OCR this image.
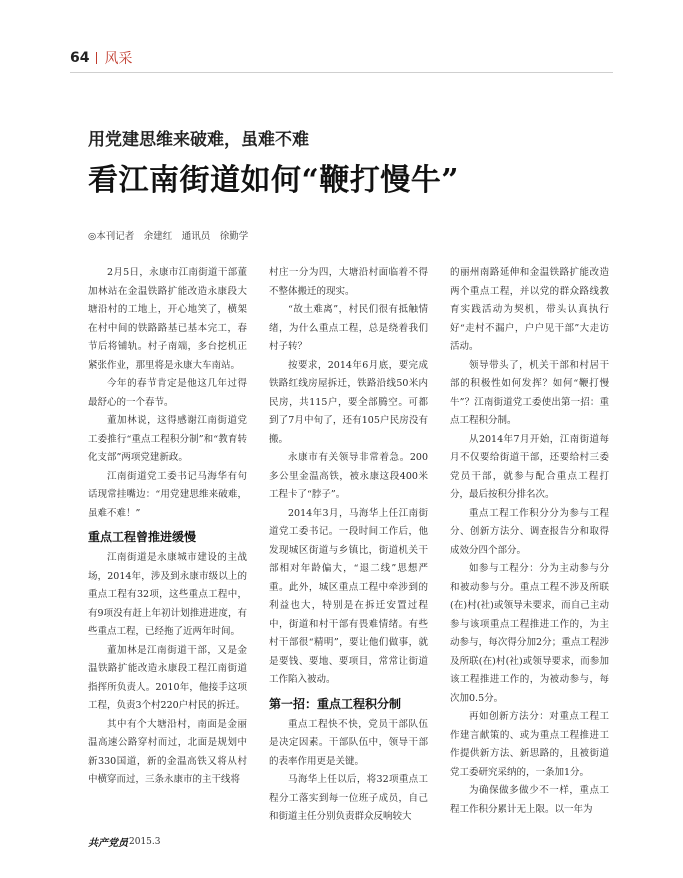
64 风采
用党建思维来破难，虽难不难
看江南街道如何“鞭打慢牛”
◎本刊记者　余建红　通讯员　徐勤学

2月5日，永康市江南街道干部董加林站在金温铁路扩能改造永康段大塘沿村的工地上，开心地笑了，横架在村中间的铁路路基已基本完工，春节后将铺轨。村子南端，多台挖机正紧张作业，那里将是永康大车南站。

今年的春节肯定是他这几年过得最舒心的一个春节。

董加林说，这得感谢江南街道党工委推行“重点工程积分制”和“教育转化支部”两项党建新政。

江南街道党工委书记马海华有句话现常挂嘴边：“用党建思维来破难，虽难不难！”

重点工程曾推进缓慢

江南街道是永康城市建设的主战场，2014年，涉及到永康市级以上的重点工程有32项，这些重点工程中，有9项没有赶上年初计划推进进度，有些重点工程，已经拖了近两年时间。

董加林是江南街道干部，又是金温铁路扩能改造永康段工程江南街道指挥所负责人。2010年，他接手这项工程，负责3个村220户村民的拆迁。

其中有个大塘沿村，南面是金丽温高速公路穿村而过，北面是规划中新330国道，新的金温高铁又将从村中横穿而过，三条永康市的主干线将

村庄一分为四，大塘沿村面临着不得不整体搬迁的现实。

“故土难离”，村民们很有抵触情绪，为什么重点工程，总是绕着我们村子转？

按要求，2014年6月底，要完成铁路红线房屋拆迁，铁路沿线50米内民房，共115户，要全部腾空。可都到了7月中旬了，还有105户民房没有搬。

永康市有关领导非常着急。200多公里金温高铁，被永康这段400米工程卡了“脖子”。

2014年3月，马海华上任江南街道党工委书记。一段时间工作后，他发现城区街道与乡镇比，街道机关干部相对年龄偏大，“退二线”思想严重。此外，城区重点工程中牵涉到的利益也大，特别是在拆迁安置过程中，街道和村干部有畏难情绪。有些村干部很“精明”，要让他们做事，就是要钱、要地、要项目，常常让街道工作陷入被动。

第一招：重点工程积分制

重点工程快不快，党员干部队伍是决定因素。干部队伍中，领导干部的表率作用更是关键。

马海华上任以后，将32项重点工程分工落实到每一位班子成员，自己和街道主任分别负责群众反响较大

的丽州南路延伸和金温铁路扩能改造两个重点工程，并以党的群众路线教育实践活动为契机，带头认真执行好“走村不漏户，户户见干部”大走访活动。

领导带头了，机关干部和村居干部的积极性如何发挥？如何“鞭打慢牛”？江南街道党工委使出第一招：重点工程积分制。

从2014年7月开始，江南街道每月不仅要给街道干部，还要给村三委党员干部，就参与配合重点工程打分，最后按积分排名次。

重点工程工作积分分为参与工程分、创新方法分、调查报告分和取得成效分四个部分。

如参与工程分：分为主动参与分和被动参与分。重点工程不涉及所联(在)村(社)或领导未要求，而自己主动参与该项重点工程推进工作的，为主动参与，每次得分加2分；重点工程涉及所联(在)村(社)或领导要求，而参加该工程推进工作的，为被动参与，每次加0.5分。

再如创新方法分：对重点工程工作建言献策的、或为重点工程推进工作提供新方法、新思路的，且被街道党工委研究采纳的，一条加1分。

为确保做多做少不一样，重点工程工作积分累计无上限。以一年为

共产党员 2015.3
